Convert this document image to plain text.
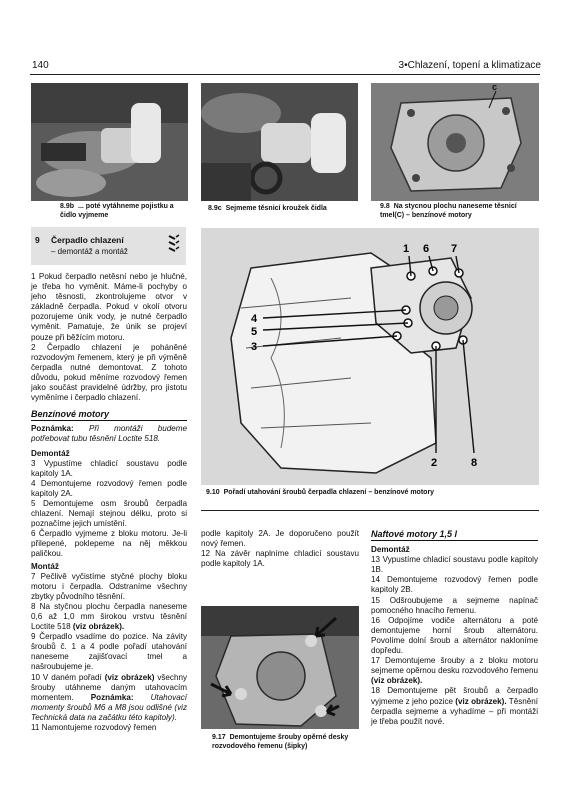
140	3•Chlazení, topení a klimatizace
8.9b ... poté vytáhneme pojistku a čidlo vyjmeme
8.9c Sejmeme těsnicí kroužek čidla
c
9.8 Na stycnou plochu naneseme těsnicí tmel(C) – benzínové motory
9 Čerpadlo chlazení
– demontáž a montáž

1 Pokud čerpadlo netěsní nebo je hlučné, je třeba ho vyměnit. Máme-li pochyby o jeho těsnosti, zkontrolujeme otvor v základně čerpadla. Pokud v okolí otvoru pozorujeme únik vody, je nutné čerpadlo vyměnit. Pamatuje, že únik se projeví pouze při běžícím motoru.

2 Čerpadlo chlazení je poháněné rozvodovým řemenem, který je při výměně čerpadla nutné demontovat. Z tohoto důvodu, pokud měníme rozvodový řemen jako součást pravidelné údržby, pro jistotu vyměníme i čerpadlo chlazení.

Benzínové motory

Poznámka: Při montáži budeme potřebovat tubu těsnění Loctite 518.

Demontáž

3 Vypustíme chladicí soustavu podle kapitoly 1A.

4 Demontujeme rozvodový řemen podle kapitoly 2A.

5 Demontujeme osm šroubů čerpadla chlazení. Nemají stejnou délku, proto si poznačíme jejich umístění.

6 Čerpadlo vyjmeme z bloku motoru. Je-li přilepené, poklepeme na něj měkkou paličkou.

Montáž

7 Pečlivě vyčistíme styčné plochy bloku motoru i čerpadla. Odstraníme všechny zbytky původního těsnění.

8 Na styčnou plochu čerpadla naneseme 0,6 až 1,0 mm širokou vrstvu těsnění Loctite 518 (viz obrázek).

9 Čerpadlo vsadíme do pozice. Na závity šroubů č. 1 a 4 podle pořadí utahování naneseme zajišťovací tmel a našroubujeme je.

10 V daném pořadí (viz obrázek) všechny šrouby utáhneme daným utahovacím momentem. Poznámka: Utahovací momenty šroubů M6 a M8 jsou odlišné (viz Technická data na začátku této kapitoly).

11 Namontujeme rozvodový řemen

1 6 7
4
5
3
2	8
9.10 Pořadí utahování šroubů čerpadla chlazení – benzínové motory

podle kapitoly 2A. Je doporučeno použít nový řemen.

12 Na závěr naplníme chladicí soustavu podle kapitoly 1A.

9.17 Demontujeme šrouby opěrné desky rozvodového řemenu (šipky)
Naftové motory 1,5 l

Demontáž

13 Vypustíme chladicí soustavu podle kapitoly 1B.

14 Demontujeme rozvodový řemen podle kapitoly 2B.

15 Odšroubujeme a sejmeme napínač pomocného hnacího řemenu.

16 Odpojíme vodiče alternátoru a poté demontujeme horní šroub alternátoru. Povolíme dolní šroub a alternátor nakloníme dopředu.

17 Demontujeme šrouby a z bloku motoru sejmeme opěrnou desku rozvodového řemenu (viz obrázek).

18 Demontujeme pět šroubů a čerpadlo vyjmeme z jeho pozice (viz obrázek). Těsnění čerpadla sejmeme a vyhadíme – při montáži je třeba použít nové.
